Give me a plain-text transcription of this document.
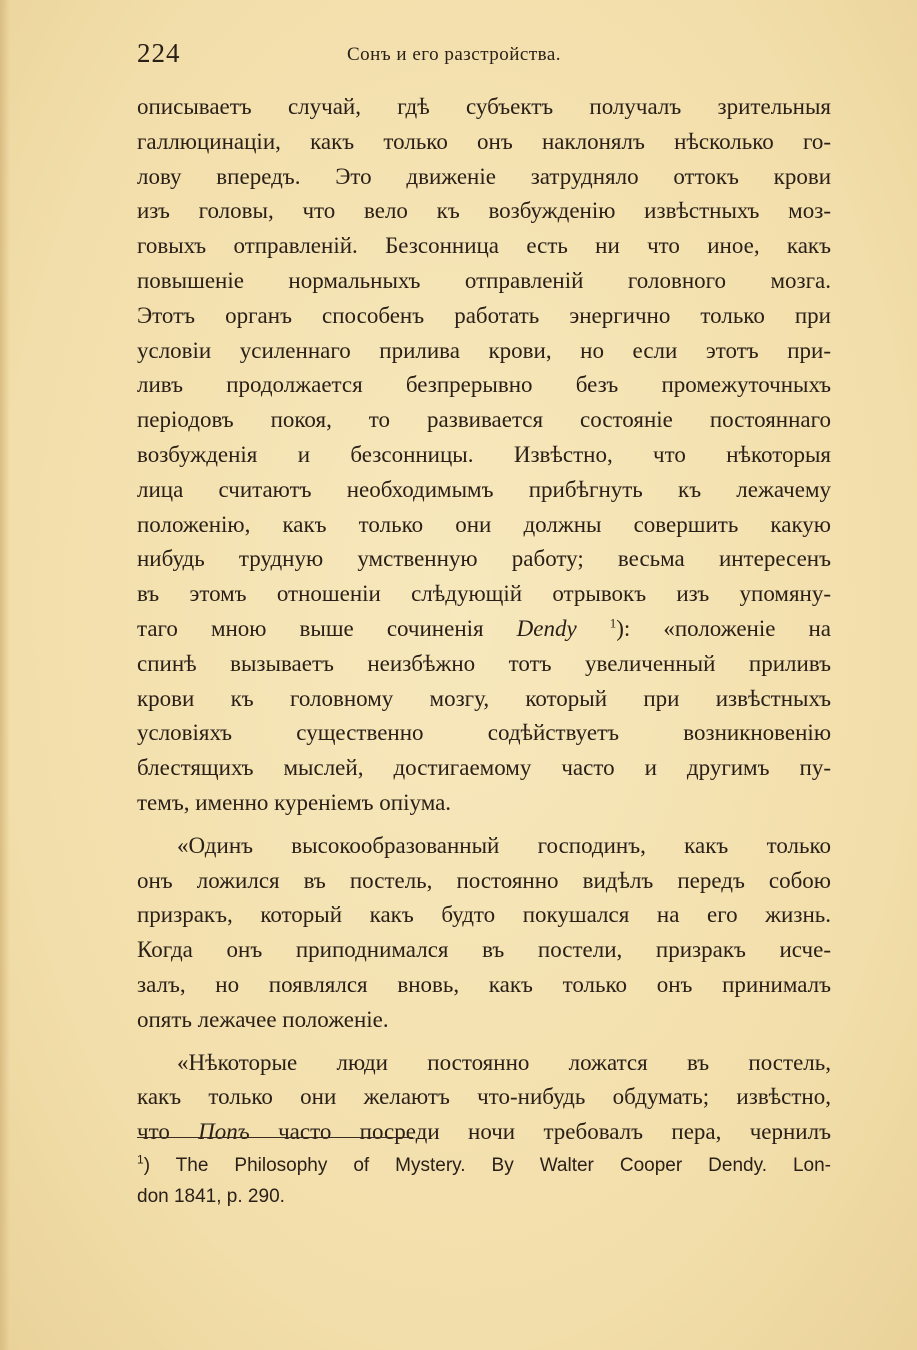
224	Сонъ и его разстройства.
описываетъ случай, гдѣ субъектъ получалъ зрительныя
галлюцинаціи, какъ только онъ наклонялъ нѣсколько го-
лову впередъ. Это движеніе затрудняло оттокъ крови
изъ головы, что вело къ возбужденію извѣстныхъ моз-
говыхъ отправленій. Безсонница есть ни что иное, какъ
повышеніе нормальныхъ отправленій головного мозга.
Этотъ органъ способенъ работать энергично только при
условіи усиленнаго прилива крови, но если этотъ при-
ливъ продолжается безпрерывно безъ промежуточныхъ
періодовъ покоя, то развивается состояніе постояннаго
возбужденія и безсонницы. Извѣстно, что нѣкоторыя
лица считаютъ необходимымъ прибѣгнуть къ лежачему
положенію, какъ только они должны совершить какую
нибудь трудную умственную работу; весьма интересенъ
въ этомъ отношеніи слѣдующій отрывокъ изъ упомяну-
таго мною выше сочиненія Dendy	$^1$): «положеніе на
спинѣ вызываетъ неизбѣжно тотъ увеличенный приливъ
крови къ головному мозгу, который при извѣстныхъ
условіяхъ существенно содѣйствуетъ возникновенію
блестящихъ мыслей, достигаемому часто и другимъ пу-
темъ, именно куреніемъ опіума.
«Одинъ высокообразованный господинъ, какъ только
онъ ложился въ постель, постоянно видѣлъ передъ собою
призракъ, который какъ будто покушался на его жизнь.
Когда онъ приподнимался въ постели, призракъ исче-
залъ, но появлялся вновь, какъ только онъ принималъ
опять лежачее положеніе.
«Нѣкоторые люди постоянно ложатся въ постель,
какъ только они желаютъ что-нибудь обдумать; извѣстно,
что Попъ часто посреди ночи требовалъ пера, чернилъ
$^1$) The Philosophy of Mystery. By Walter Cooper Dendy. Lon-
don 1841, p. 290.
